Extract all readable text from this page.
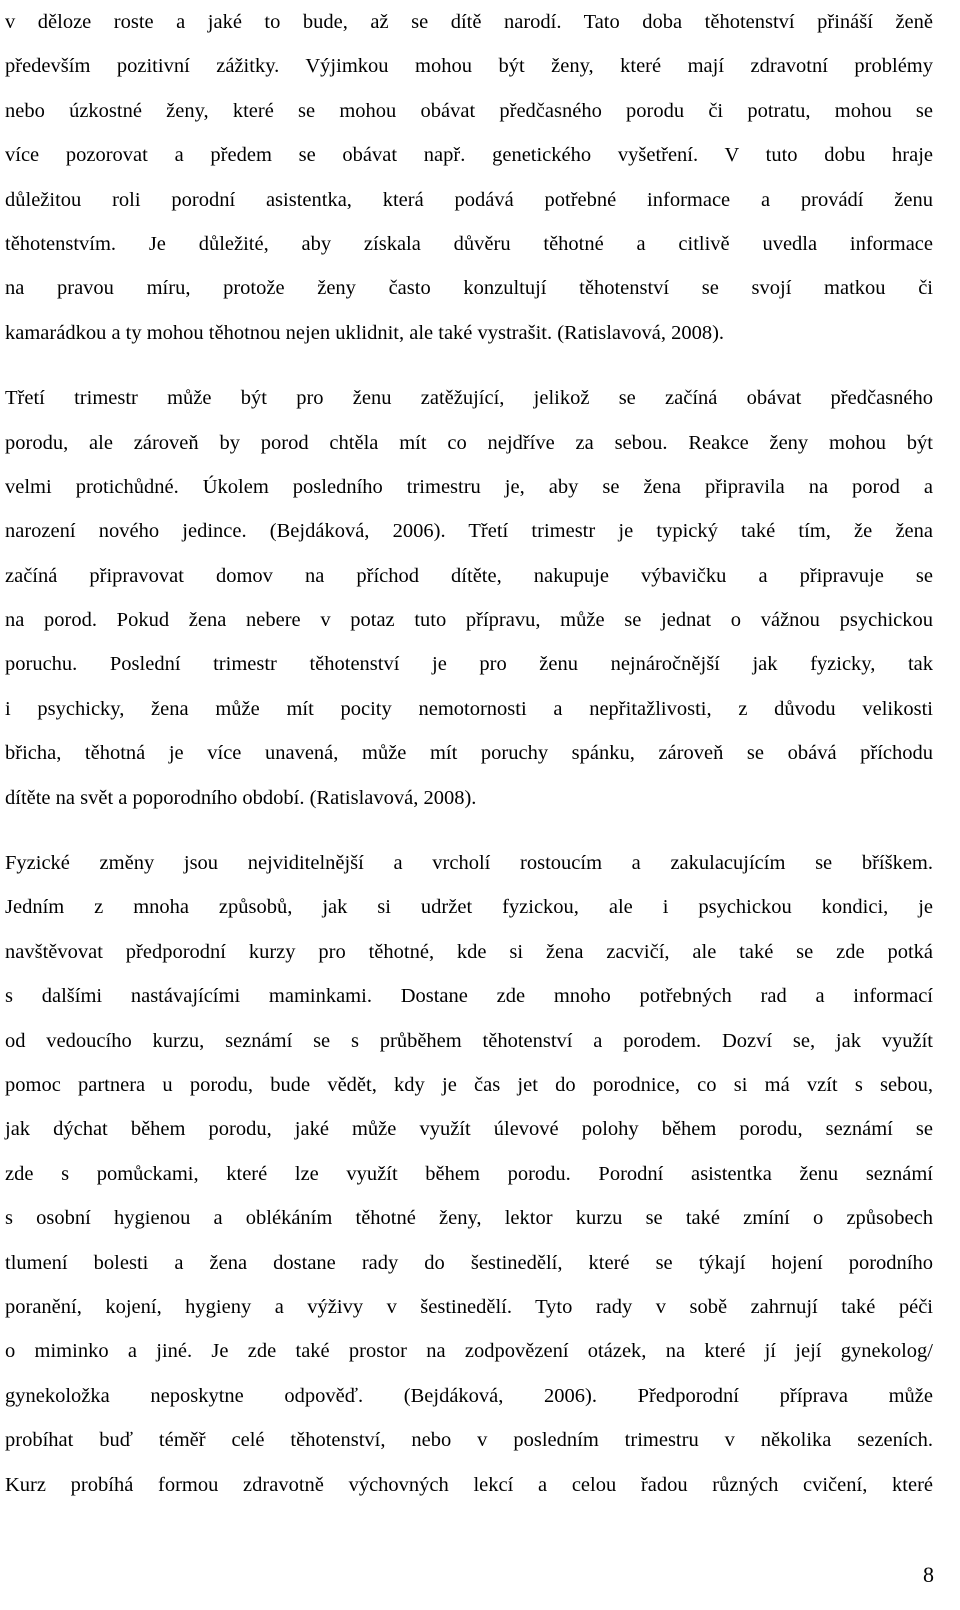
v děloze roste a jaké to bude, až se dítě narodí. Tato doba těhotenství přináší ženě
především pozitivní zážitky. Výjimkou mohou být ženy, které mají zdravotní problémy
nebo úzkostné ženy, které se mohou obávat předčasného porodu či potratu, mohou se
více pozorovat a předem se obávat např. genetického vyšetření. V tuto dobu hraje
důležitou roli porodní asistentka, která podává potřebné informace a provádí ženu
těhotenstvím. Je důležité, aby získala důvěru těhotné a citlivě uvedla informace
na pravou míru, protože ženy často konzultují těhotenství se svojí matkou či
kamarádkou a ty mohou těhotnou nejen uklidnit, ale také vystrašit. (Ratislavová, 2008).
Třetí trimestr může být pro ženu zatěžující, jelikož se začíná obávat předčasného
porodu, ale zároveň by porod chtěla mít co nejdříve za sebou. Reakce ženy mohou být
velmi protichůdné. Úkolem posledního trimestru je, aby se žena připravila na porod a
narození nového jedince. (Bejdáková, 2006). Třetí trimestr je typický také tím, že žena
začíná připravovat domov na příchod dítěte, nakupuje výbavičku a připravuje se
na porod. Pokud žena nebere v potaz tuto přípravu, může se jednat o vážnou psychickou
poruchu. Poslední trimestr těhotenství je pro ženu nejnáročnější jak fyzicky, tak
i psychicky, žena může mít pocity nemotornosti a nepřitažlivosti, z důvodu velikosti
břicha, těhotná je více unavená, může mít poruchy spánku, zároveň se obává příchodu
dítěte na svět a poporodního období. (Ratislavová, 2008).
Fyzické změny jsou nejviditelnější a vrcholí rostoucím a zakulacujícím se bříškem.
Jedním z mnoha způsobů, jak si udržet fyzickou, ale i psychickou kondici, je
navštěvovat předporodní kurzy pro těhotné, kde si žena zacvičí, ale také se zde potká
s dalšími nastávajícími maminkami. Dostane zde mnoho potřebných rad a informací
od vedoucího kurzu, seznámí se s průběhem těhotenství a porodem. Dozví se, jak využít
pomoc partnera u porodu, bude vědět, kdy je čas jet do porodnice, co si má vzít s sebou,
jak dýchat během porodu, jaké může využít úlevové polohy během porodu, seznámí se
zde s pomůckami, které lze využít během porodu. Porodní asistentka ženu seznámí
s osobní hygienou a oblékáním těhotné ženy, lektor kurzu se také zmíní o způsobech
tlumení bolesti a žena dostane rady do šestinedělí, které se týkají hojení porodního
poranění, kojení, hygieny a výživy v šestinedělí. Tyto rady v sobě zahrnují také péči
o miminko a jiné. Je zde také prostor na zodpovězení otázek, na které jí její gynekolog/
gynekoložka neposkytne odpověď. (Bejdáková, 2006). Předporodní příprava může
probíhat buď téměř celé těhotenství, nebo v posledním trimestru v několika sezeních.
Kurz probíhá formou zdravotně výchovných lekcí a celou řadou různých cvičení, které
8
